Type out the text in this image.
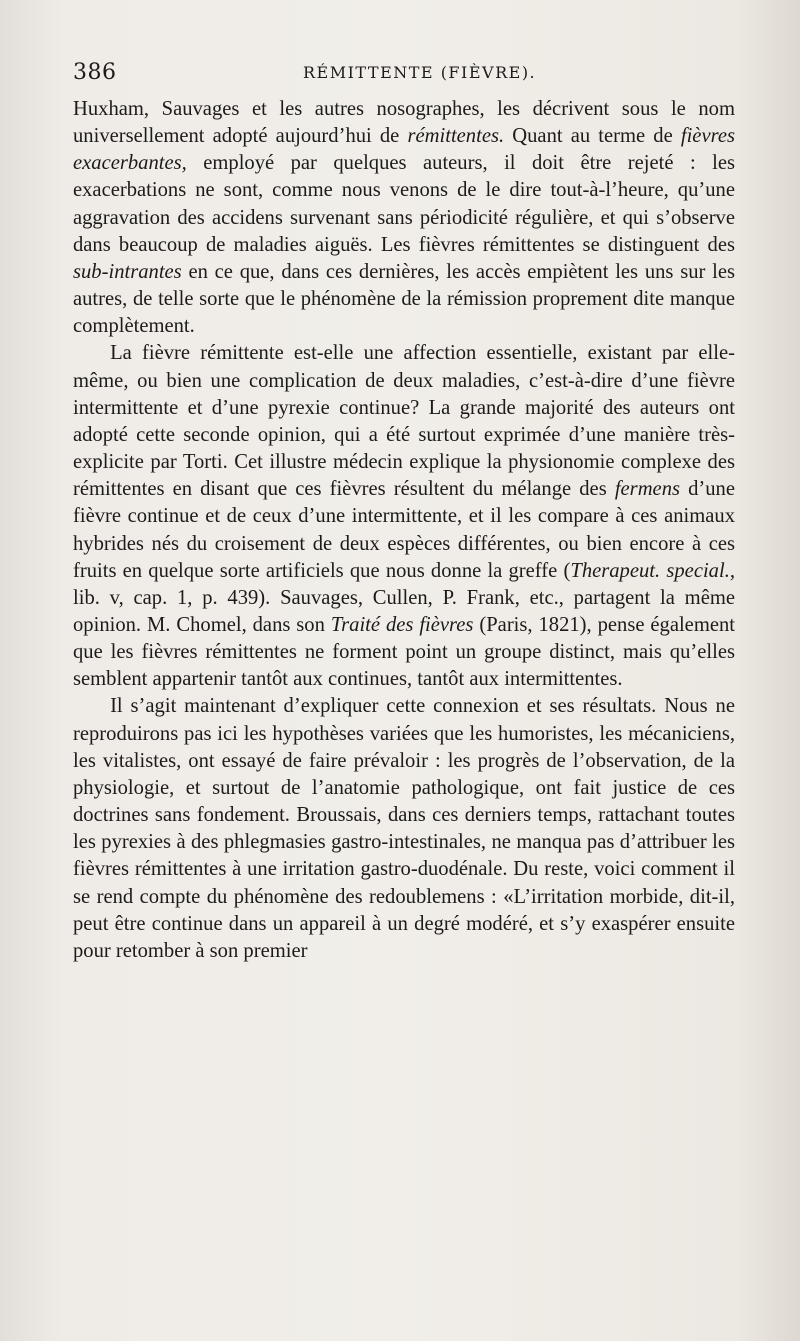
386	RÉMITTENTE (FIÈVRE).

Huxham, Sauvages et les autres nosographes, les décrivent sous le nom universellement adopté aujourd’hui de rémittentes. Quant au terme de fièvres exacerbantes, employé par quelques auteurs, il doit être rejeté : les exacerbations ne sont, comme nous venons de le dire tout-à-l’heure, qu’une aggravation des accidens survenant sans périodicité régulière, et qui s’observe dans beaucoup de maladies aiguës. Les fièvres rémittentes se distinguent des sub-intrantes en ce que, dans ces dernières, les accès empiètent les uns sur les autres, de telle sorte que le phénomène de la rémission proprement dite manque complètement.

La fièvre rémittente est-elle une affection essentielle, existant par elle-même, ou bien une complication de deux maladies, c’est-à-dire d’une fièvre intermittente et d’une pyrexie continue? La grande majorité des auteurs ont adopté cette seconde opinion, qui a été surtout exprimée d’une manière très-explicite par Torti. Cet illustre médecin explique la physionomie complexe des rémittentes en disant que ces fièvres résultent du mélange des fermens d’une fièvre continue et de ceux d’une intermittente, et il les compare à ces animaux hybrides nés du croisement de deux espèces différentes, ou bien encore à ces fruits en quelque sorte artificiels que nous donne la greffe (Therapeut. special., lib. v, cap. 1, p. 439). Sauvages, Cullen, P. Frank, etc., partagent la même opinion. M. Chomel, dans son Traité des fièvres (Paris, 1821), pense également que les fièvres rémittentes ne forment point un groupe distinct, mais qu’elles semblent appartenir tantôt aux continues, tantôt aux intermittentes.

Il s’agit maintenant d’expliquer cette connexion et ses résultats. Nous ne reproduirons pas ici les hypothèses variées que les humoristes, les mécaniciens, les vitalistes, ont essayé de faire prévaloir : les progrès de l’observation, de la physiologie, et surtout de l’anatomie pathologique, ont fait justice de ces doctrines sans fondement. Broussais, dans ces derniers temps, rattachant toutes les pyrexies à des phlegmasies gastro-intestinales, ne manqua pas d’attribuer les fièvres rémittentes à une irritation gastro-duodénale. Du reste, voici comment il se rend compte du phénomène des redoublemens : «L’irritation morbide, dit-il, peut être continue dans un appareil à un degré modéré, et s’y exaspérer ensuite pour retomber à son premier
